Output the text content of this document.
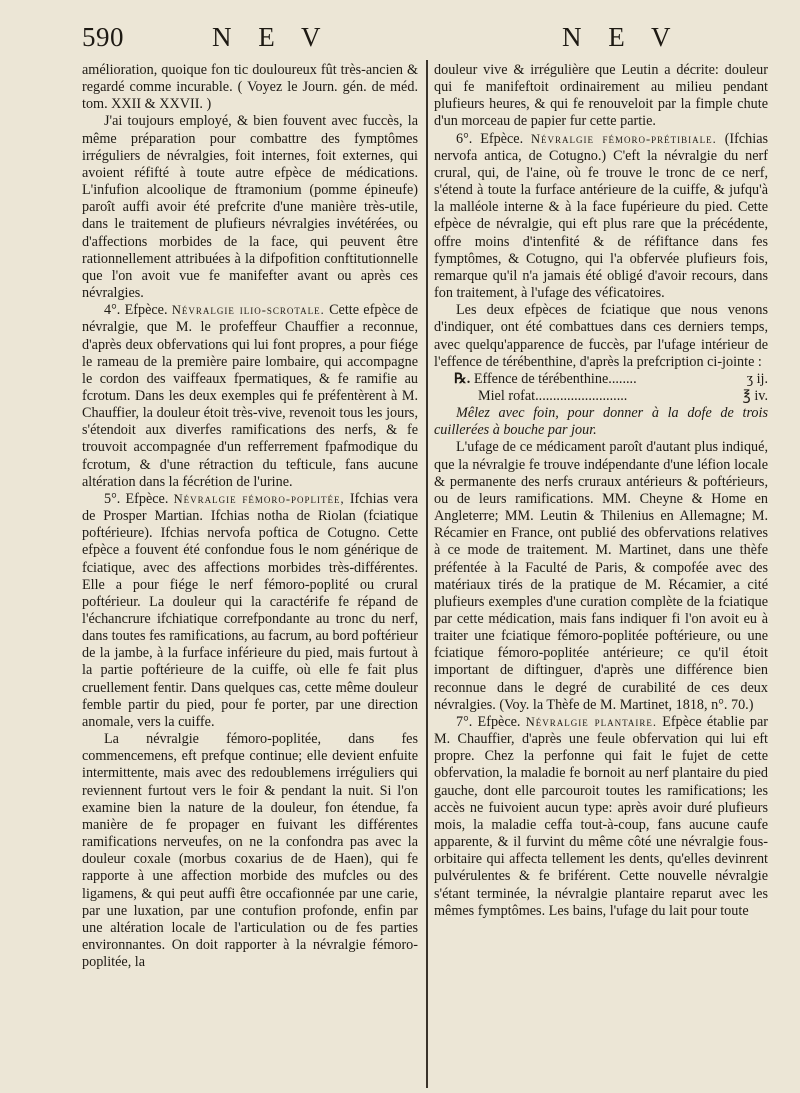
590	N E V	N E V

amélioration, quoique fon tic douloureux fût très-ancien & regardé comme incurable. ( Voyez le Journ. gén. de méd. tom. XXII & XXVII. )

J'ai toujours employé, & bien fouvent avec fuccès, la même préparation pour combattre des fymptômes irréguliers de névralgies, foit internes, foit externes, qui avoient réfifté à toute autre efpèce de médications. L'infufion alcoolique de ftramonium (pomme épineufe) paroît auffi avoir été prefcrite d'une manière très-utile, dans le traitement de plufieurs névralgies invétérées, ou d'affections morbides de la face, qui peuvent être rationnellement attribuées à la difpofition conftitutionnelle que l'on avoit vue fe manifefter avant ou après ces névralgies.

4°. Efpèce. Névralgie ilio-scrotale. Cette efpèce de névralgie, que M. le profeffeur Chauffier a reconnue, d'après deux obfervations qui lui font propres, a pour fiége le rameau de la première paire lombaire, qui accompagne le cordon des vaiffeaux fpermatiques, & fe ramifie au fcrotum. Dans les deux exemples qui fe préfentèrent à M. Chauffier, la douleur étoit très-vive, revenoit tous les jours, s'étendoit aux diverfes ramifications des nerfs, & fe trouvoit accompagnée d'un refferrement fpafmodique du fcrotum, & d'une rétraction du tefticule, fans aucune altération dans la fécrétion de l'urine.

5°. Efpèce. Névralgie fémoro-poplitée, Ifchias vera de Prosper Martian. Ifchias notha de Riolan (fciatique poftérieure). Ifchias nervofa poftica de Cotugno. Cette efpèce a fouvent été confondue fous le nom générique de fciatique, avec des affections morbides très-différentes. Elle a pour fiége le nerf fémoro-poplité ou crural poftérieur. La douleur qui la caractérife fe répand de l'échancrure ifchiatique correfpondante au tronc du nerf, dans toutes fes ramifications, au facrum, au bord poftérieur de la jambe, à la furface inférieure du pied, mais furtout à la partie poftérieure de la cuiffe, où elle fe fait plus cruellement fentir. Dans quelques cas, cette même douleur femble partir du pied, pour fe porter, par une direction anomale, vers la cuiffe.

La névralgie fémoro-poplitée, dans fes commencemens, eft prefque continue; elle devient enfuite intermittente, mais avec des redoublemens irréguliers qui reviennent furtout vers le foir & pendant la nuit. Si l'on examine bien la nature de la douleur, fon étendue, fa manière de fe propager en fuivant les différentes ramifications nerveufes, on ne la confondra pas avec la douleur coxale (morbus coxarius de de Haen), qui fe rapporte à une affection morbide des mufcles ou des ligamens, & qui peut auffi être occafionnée par une carie, par une luxation, par une contufion profonde, enfin par une altération locale de l'articulation ou de fes parties environnantes. On doit rapporter à la névralgie fémoro-poplitée, la

douleur vive & irrégulière que Leutin a décrite: douleur qui fe manifeftoit ordinairement au milieu pendant plufieurs heures, & qui fe renouveloit par la fimple chute d'un morceau de papier fur cette partie.

6°. Efpèce. Névralgie fémoro-prétibiale. (Ifchias nervofa antica, de Cotugno.) C'eft la névralgie du nerf crural, qui, de l'aine, où fe trouve le tronc de ce nerf, s'étend à toute la furface antérieure de la cuiffe, & jufqu'à la malléole interne & à la face fupérieure du pied. Cette efpèce de névralgie, qui eft plus rare que la précédente, offre moins d'intenfité & de réfiftance dans fes fymptômes, & Cotugno, qui l'a obfervée plufieurs fois, remarque qu'il n'a jamais été obligé d'avoir recours, dans fon traitement, à l'ufage des véficatoires.

Les deux efpèces de fciatique que nous venons d'indiquer, ont été combattues dans ces derniers temps, avec quelqu'apparence de fuccès, par l'ufage intérieur de l'effence de térébenthine, d'après la prefcription ci-jointe :

℞. Effence de térébenthine........	ʒ ij.
Miel rofat..........................	℥ iv.

Mêlez avec foin, pour donner à la dofe de trois cuillerées à bouche par jour.

L'ufage de ce médicament paroît d'autant plus indiqué, que la névralgie fe trouve indépendante d'une léfion locale & permanente des nerfs cruraux antérieurs & poftérieurs, ou de leurs ramifications. MM. Cheyne & Home en Angleterre; MM. Leutin & Thilenius en Allemagne; M. Récamier en France, ont publié des obfervations relatives à ce mode de traitement. M. Martinet, dans une thèfe préfentée à la Faculté de Paris, & compofée avec des matériaux tirés de la pratique de M. Récamier, a cité plufieurs exemples d'une curation complète de la fciatique par cette médication, mais fans indiquer fi l'on avoit eu à traiter une fciatique fémoro-poplitée poftérieure, ou une fciatique fémoro-poplitée antérieure; ce qu'il étoit important de diftinguer, d'après une différence bien reconnue dans le degré de curabilité de ces deux névralgies. (Voy. la Thèfe de M. Martinet, 1818, n°. 70.)

7°. Efpèce. Névralgie plantaire. Efpèce établie par M. Chauffier, d'après une feule obfervation qui lui eft propre. Chez la perfonne qui fait le fujet de cette obfervation, la maladie fe bornoit au nerf plantaire du pied gauche, dont elle parcouroit toutes les ramifications; les accès ne fuivoient aucun type: après avoir duré plufieurs mois, la maladie ceffa tout-à-coup, fans aucune caufe apparente, & il furvint du même côté une névralgie fous-orbitaire qui affecta tellement les dents, qu'elles devinrent pulvérulentes & fe briférent. Cette nouvelle névralgie s'étant terminée, la névralgie plantaire reparut avec les mêmes fymptômes. Les bains, l'ufage du lait pour toute
